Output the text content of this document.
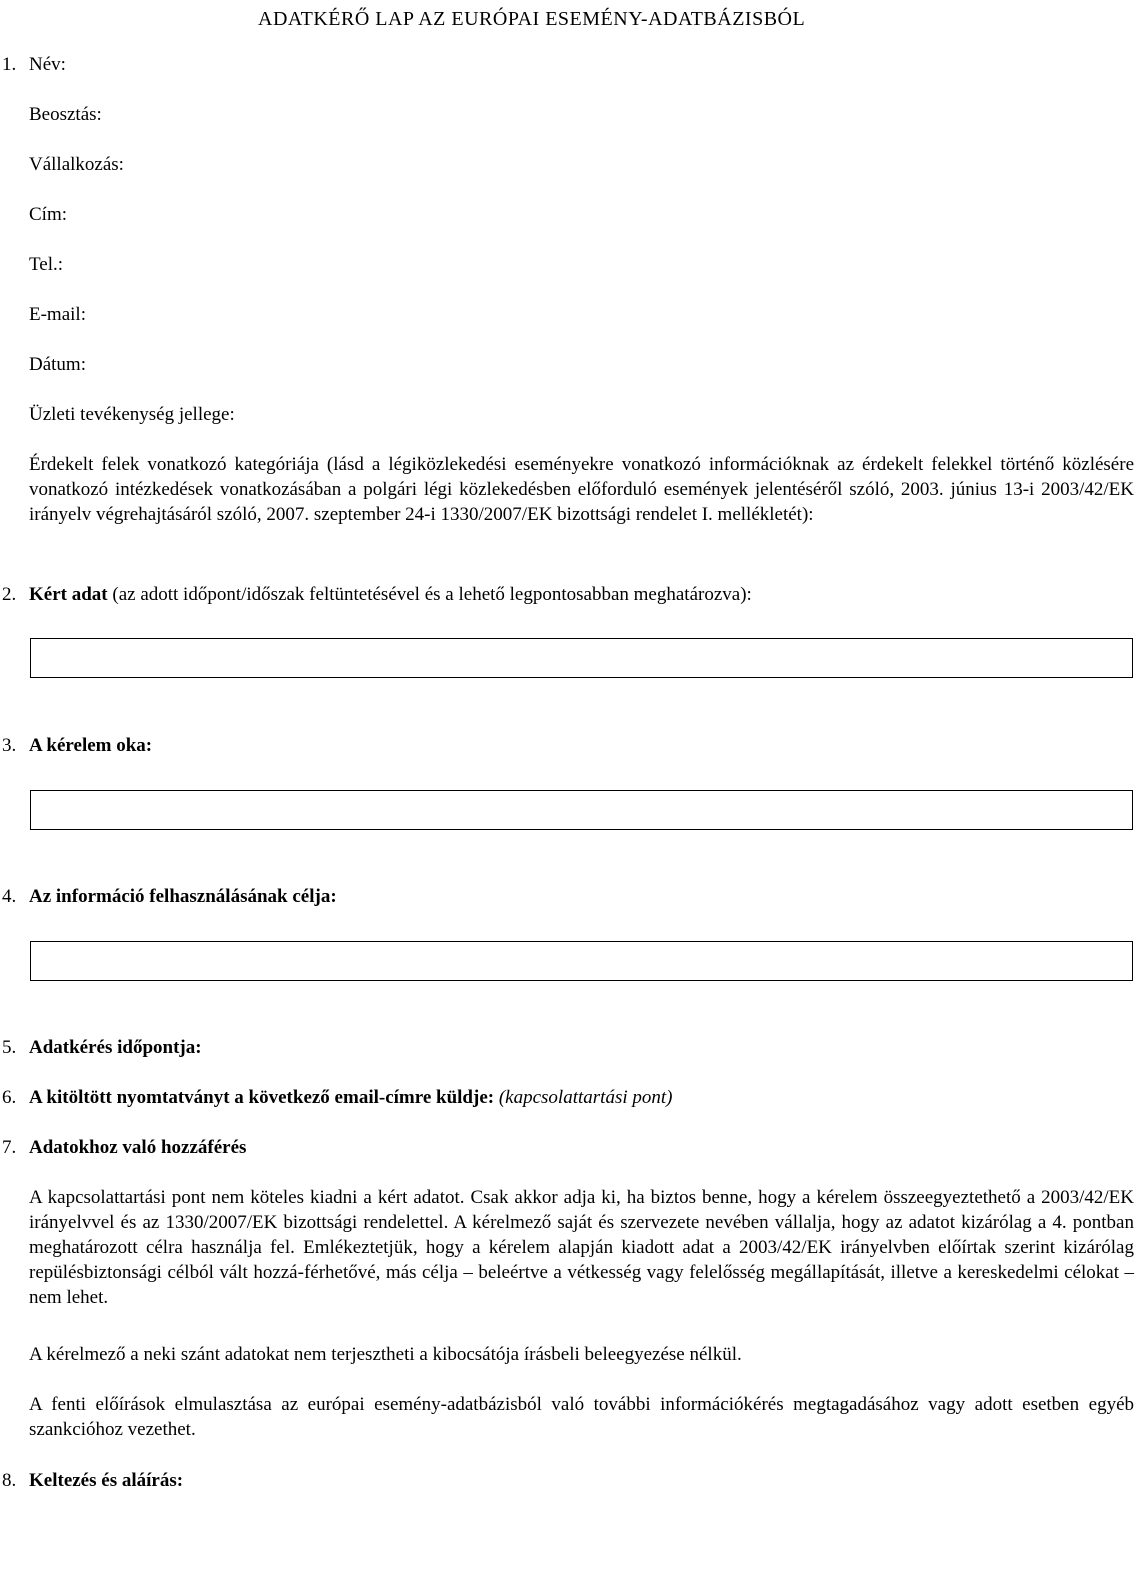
ADATKÉRŐ LAP AZ EURÓPAI ESEMÉNY-ADATBÁZISBÓL
1. Név:
Beosztás:
Vállalkozás:
Cím:
Tel.:
E-mail:
Dátum:
Üzleti tevékenység jellege:
Érdekelt felek vonatkozó kategóriája (lásd a légiközlekedési eseményekre vonatkozó információknak az érdekelt felekkel történő közlésére vonatkozó intézkedések vonatkozásában a polgári légi közlekedésben előforduló események jelentéséről szóló, 2003. június 13-i 2003/42/EK irányelv végrehajtásáról szóló, 2007. szeptember 24-i 1330/2007/EK bizottsági rendelet I. mellékletét):
2. Kért adat (az adott időpont/időszak feltüntetésével és a lehető legpontosabban meghatározva):
3. A kérelem oka:
4. Az információ felhasználásának célja:
5. Adatkérés időpontja:
6. A kitöltött nyomtatványt a következő email-címre küldje: (kapcsolattartási pont)
7. Adatokhoz való hozzáférés
A kapcsolattartási pont nem köteles kiadni a kért adatot. Csak akkor adja ki, ha biztos benne, hogy a kérelem összeegyeztethető a 2003/42/EK irányelvvel és az 1330/2007/EK bizottsági rendelettel. A kérelmező saját és szervezete nevében vállalja, hogy az adatot kizárólag a 4. pontban meghatározott célra használja fel. Emlékeztetjük, hogy a kérelem alapján kiadott adat a 2003/42/EK irányelvben előírtak szerint kizárólag repülésbiztonsági célból vált hozzá-férhetővé, más célja – beleértve a vétkesség vagy felelősség megállapítását, illetve a kereskedelmi célokat – nem lehet.
A kérelmező a neki szánt adatokat nem terjesztheti a kibocsátója írásbeli beleegyezése nélkül.
A fenti előírások elmulasztása az európai esemény-adatbázisból való további információkérés megtagadásához vagy adott esetben egyéb szankcióhoz vezethet.
8. Keltezés és aláírás:
